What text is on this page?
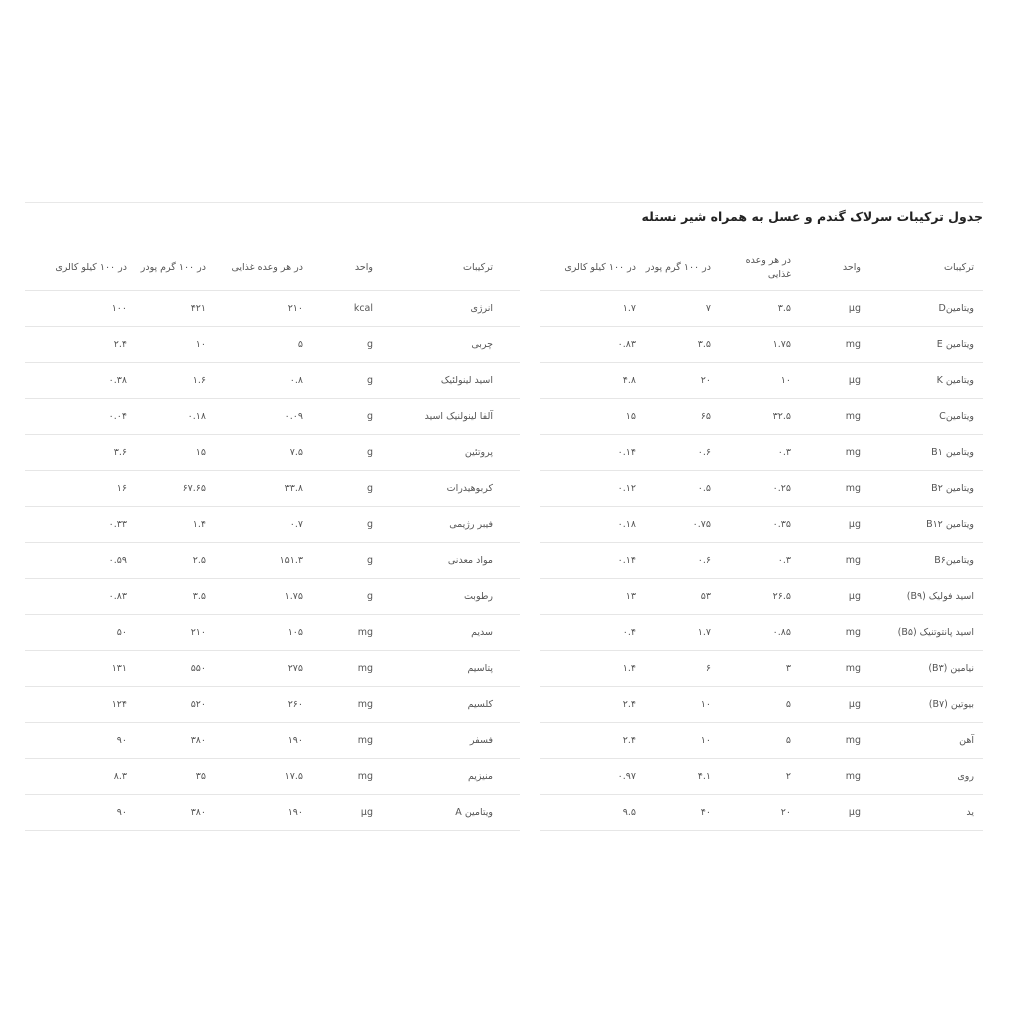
جدول ترکیبات سرلاک گندم و عسل به همراه شیر نستله
ترکیبات	واحد	در هر وعده غذایی	در ۱۰۰ گرم پودر	در ۱۰۰ کیلو کالری
ویتامینD	µg	۳.۵	۷	۱.۷
ویتامین E	mg	۱.۷۵	۳.۵	۰.۸۳
ویتامین K	µg	۱۰	۲۰	۴.۸
ویتامینC	mg	۳۲.۵	۶۵	۱۵
ویتامین B۱	mg	۰.۳	۰.۶	۰.۱۴
ویتامین B۲	mg	۰.۲۵	۰.۵	۰.۱۲
ویتامین B۱۲	µg	۰.۳۵	۰.۷۵	۰.۱۸
ویتامینB۶	mg	۰.۳	۰.۶	۰.۱۴
اسید فولیک (B۹)	µg	۲۶.۵	۵۳	۱۳
اسید پانتوتنیک (B۵)	mg	۰.۸۵	۱.۷	۰.۴
نیامین (B۳)	mg	۳	۶	۱.۴
بیوتین (B۷)	µg	۵	۱۰	۲.۴
آهن	mg	۵	۱۰	۲.۴
روی	mg	۲	۴.۱	۰.۹۷
ید	µg	۲۰	۴۰	۹.۵
ترکیبات	واحد	در هر وعده غذایی	در ۱۰۰ گرم پودر	در ۱۰۰ کیلو کالری
انرژی	kcal	۲۱۰	۴۲۱	۱۰۰
چربی	g	۵	۱۰	۲.۴
اسید لینولئیک	g	۰.۸	۱.۶	۰.۳۸
آلفا لینولنیک اسید	g	۰.۰۹	۰.۱۸	۰.۰۴
پروتئین	g	۷.۵	۱۵	۳.۶
کربوهیدرات	g	۳۳.۸	۶۷.۶۵	۱۶
فیبر رژیمی	g	۰.۷	۱.۴	۰.۳۳
مواد معدنی	g	۱۵۱.۳	۲.۵	۰.۵۹
رطوبت	g	۱.۷۵	۳.۵	۰.۸۳
سدیم	mg	۱۰۵	۲۱۰	۵۰
پتاسیم	mg	۲۷۵	۵۵۰	۱۳۱
کلسیم	mg	۲۶۰	۵۲۰	۱۲۴
فسفر	mg	۱۹۰	۳۸۰	۹۰
منیزیم	mg	۱۷.۵	۳۵	۸.۳
ویتامین A	µg	۱۹۰	۳۸۰	۹۰
